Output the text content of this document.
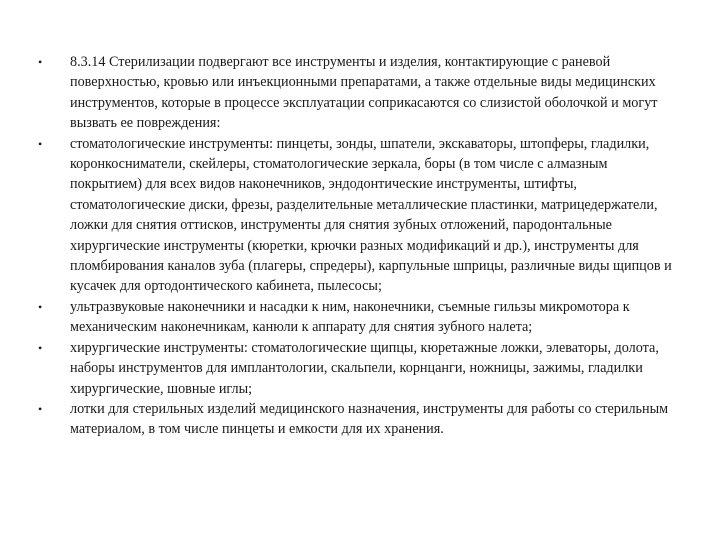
• 8.3.14 Стерилизации подвергают все инструменты и изделия, контактирующие с раневой поверхностью, кровью или инъекционными препаратами, а также отдельные виды медицинских инструментов, которые в процессе эксплуатации соприкасаются со слизистой оболочкой и могут вызвать ее повреждения:
• стоматологические инструменты: пинцеты, зонды, шпатели, экскаваторы, штопферы, гладилки, коронкосниматели, скейлеры, стоматологические зеркала, боры (в том числе с алмазным покрытием) для всех видов наконечников, эндодонтические инструменты, штифты, стоматологические диски, фрезы, разделительные металлические пластинки, матрицедержатели, ложки для снятия оттисков, инструменты для снятия зубных отложений, пародонтальные хирургические инструменты (кюретки, крючки разных модификаций и др.), инструменты для пломбирования каналов зуба (плагеры, спредеры), карпульные шприцы, различные виды щипцов и кусачек для ортодонтического кабинета, пылесосы;
• ультразвуковые наконечники и насадки к ним, наконечники, съемные гильзы микромотора к механическим наконечникам, канюли к аппарату для снятия зубного налета;
• хирургические инструменты: стоматологические щипцы, кюретажные ложки, элеваторы, долота, наборы инструментов для имплантологии, скальпели, корнцанги, ножницы, зажимы, гладилки хирургические, шовные иглы;
• лотки для стерильных изделий медицинского назначения, инструменты для работы со стерильным материалом, в том числе пинцеты и емкости для их хранения.
